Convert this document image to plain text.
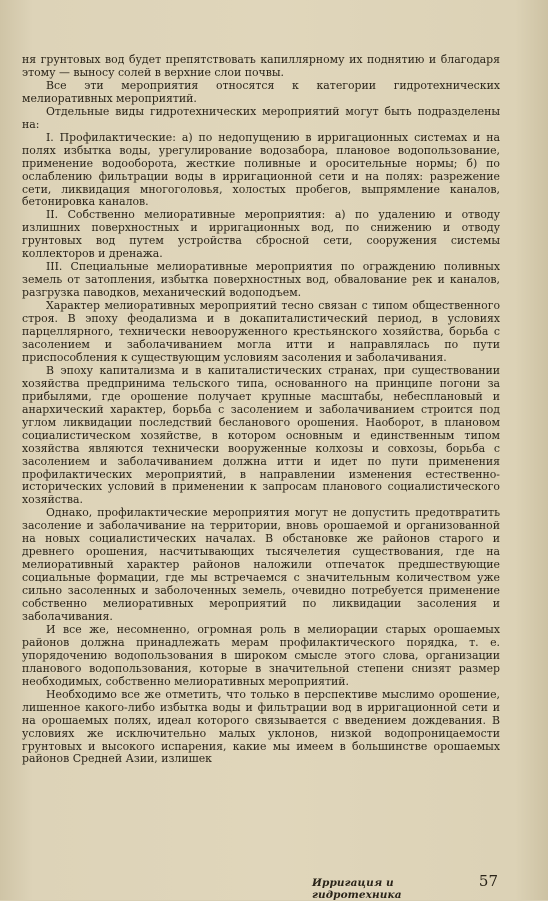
ня грунтовых вод будет препятствовать капиллярному их поднятию и благодаря этому — выносу солей в верхние слои почвы.

Все эти мероприятия относятся к категории гидротехнических мелиоративных мероприятий.

Отдельные виды гидротехнических мероприятий могут быть подразделены на:

I. Профилактические: а) по недопущению в ирригационных системах и на полях избытка воды, урегулирование водозабора, плановое водопользование, применение водооборота, жесткие поливные и оросительные нормы; б) по ослаблению фильтрации воды в ирригационной сети и на полях: разрежение сети, ликвидация многоголовья, холостых пробегов, выпрямление каналов, бетонировка каналов.

II. Собственно мелиоративные мероприятия: а) по удалению и отводу излишних поверхностных и ирригационных вод, по снижению и отводу грунтовых вод путем устройства сбросной сети, сооружения системы коллекторов и дренажа.

III. Специальные мелиоративные мероприятия по ограждению поливных земель от затопления, избытка поверхностных вод, обвалование рек и каналов, разгрузка паводков, механический водоподъем.

Характер мелиоративных мероприятий тесно связан с типом общественного строя. В эпоху феодализма и в докапиталистический период, в условиях парцеллярного, технически невооруженного крестьянского хозяйства, борьба с засолением и заболачиванием могла итти и направлялась по пути приспособления к существующим условиям засоления и заболачивания.

В эпоху капитализма и в капиталистических странах, при существовании хозяйства предпринима тельского типа, основанного на принципе погони за прибылями, где орошение получает крупные масштабы, небесплановый и анархический характер, борьба с засолением и заболачиванием строится под углом ликвидации последствий бесланового орошения. Наоборот, в плановом социалистическом хозяйстве, в котором основным и единственным типом хозяйства являются технически вооруженные колхозы и совхозы, борьба с засолением и заболачиванием должна итти и идет по пути применения профилактических мероприятий, в направлении изменения естественно-исторических условий в применении к запросам планового социалистического хозяйства.

Однако, профилактические мероприятия могут не допустить предотвратить засоление и заболачивание на территории, вновь орошаемой и организованной на новых социалистических началах. В обстановке же районов старого и древнего орошения, насчитывающих тысячелетия существования, где на мелиоративный характер районов наложили отпечаток предшествующие социальные формации, где мы встречаемся с значительным количеством уже сильно засоленных и заболоченных земель, очевидно потребуется применение собственно мелиоративных мероприятий по ликвидации засоления и заболачивания.

И все же, несомненно, огромная роль в мелиорации старых орошаемых районов должна принадлежать мерам профилактического порядка, т. е. упорядочению водопользования в широком смысле этого слова, организации планового водопользования, которые в значительной степени снизят размер необходимых, собственно мелиоративных мероприятий.

Необходимо все же отметить, что только в перспективе мыслимо орошение, лишенное какого-либо избытка воды и фильтрации вод в ирригационной сети и на орошаемых полях, идеал которого связывается с введением дождевания. В условиях же исключительно малых уклонов, низкой водопроницаемости грунтовых и высокого испарения, какие мы имеем в большинстве орошаемых районов Средней Азии, излишек

Ирригация и гидротехника
57
